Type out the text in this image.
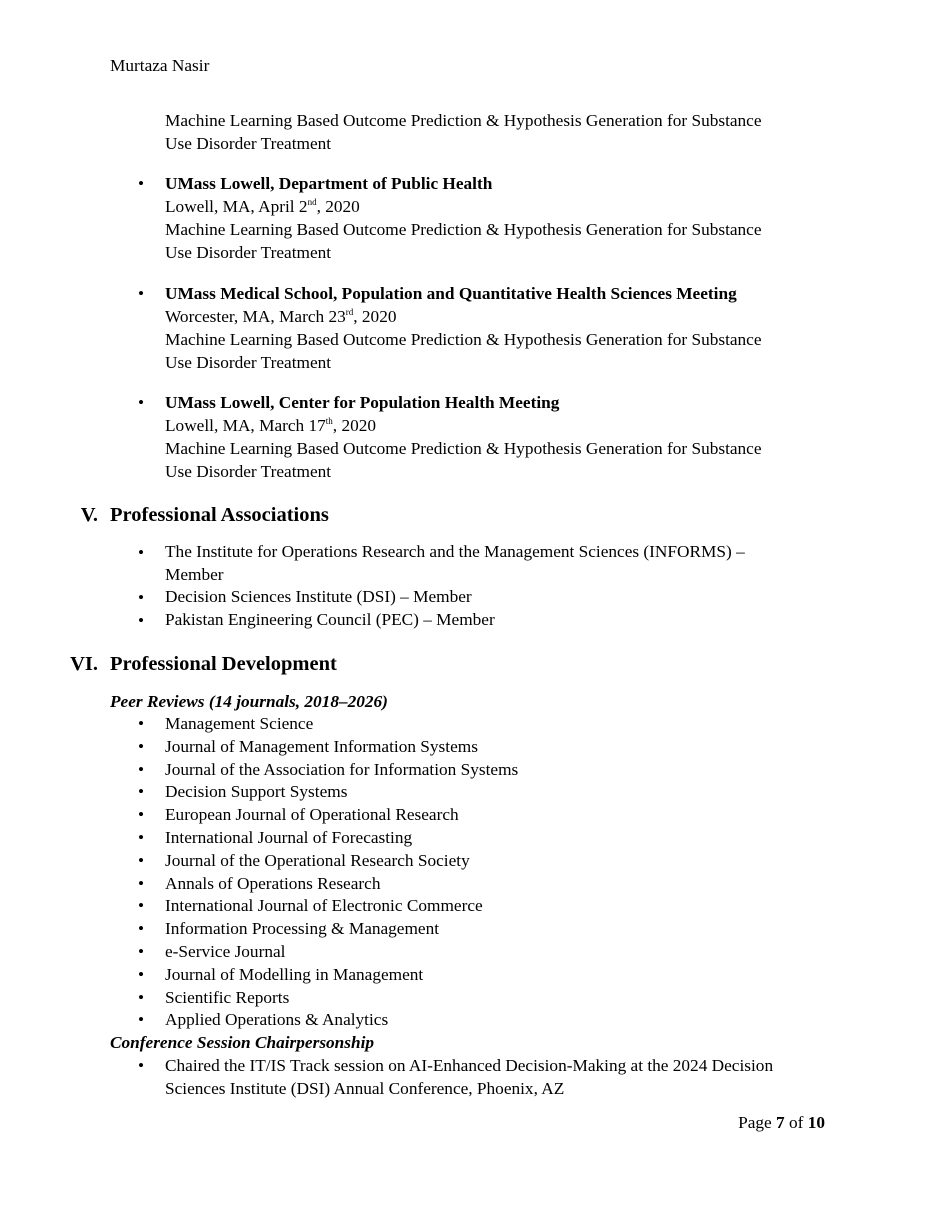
Murtaza Nasir
Machine Learning Based Outcome Prediction & Hypothesis Generation for Substance
Use Disorder Treatment
• UMass Lowell, Department of Public Health
Lowell, MA, April 2nd, 2020
Machine Learning Based Outcome Prediction & Hypothesis Generation for Substance
Use Disorder Treatment
• UMass Medical School, Population and Quantitative Health Sciences Meeting
Worcester, MA, March 23rd, 2020
Machine Learning Based Outcome Prediction & Hypothesis Generation for Substance
Use Disorder Treatment
• UMass Lowell, Center for Population Health Meeting
Lowell, MA, March 17th, 2020
Machine Learning Based Outcome Prediction & Hypothesis Generation for Substance
Use Disorder Treatment
V. Professional Associations
•
•
•
The Institute for Operations Research and the Management Sciences (INFORMS) –
Member
Decision Sciences Institute (DSI) – Member
Pakistan Engineering Council (PEC) – Member
VI. Professional Development
Peer Reviews (14 journals, 2018–2026)
•
•
•
•
•
•
•
•
•
•
•
•
•
•
Management Science
Journal of Management Information Systems
Journal of the Association for Information Systems
Decision Support Systems
European Journal of Operational Research
International Journal of Forecasting
Journal of the Operational Research Society
Annals of Operations Research
International Journal of Electronic Commerce
Information Processing & Management
e-Service Journal
Journal of Modelling in Management
Scientific Reports
Applied Operations & Analytics
Conference Session Chairpersonship
• Chaired the IT/IS Track session on AI-Enhanced Decision-Making at the 2024 Decision
Sciences Institute (DSI) Annual Conference, Phoenix, AZ
Page 7 of 10
